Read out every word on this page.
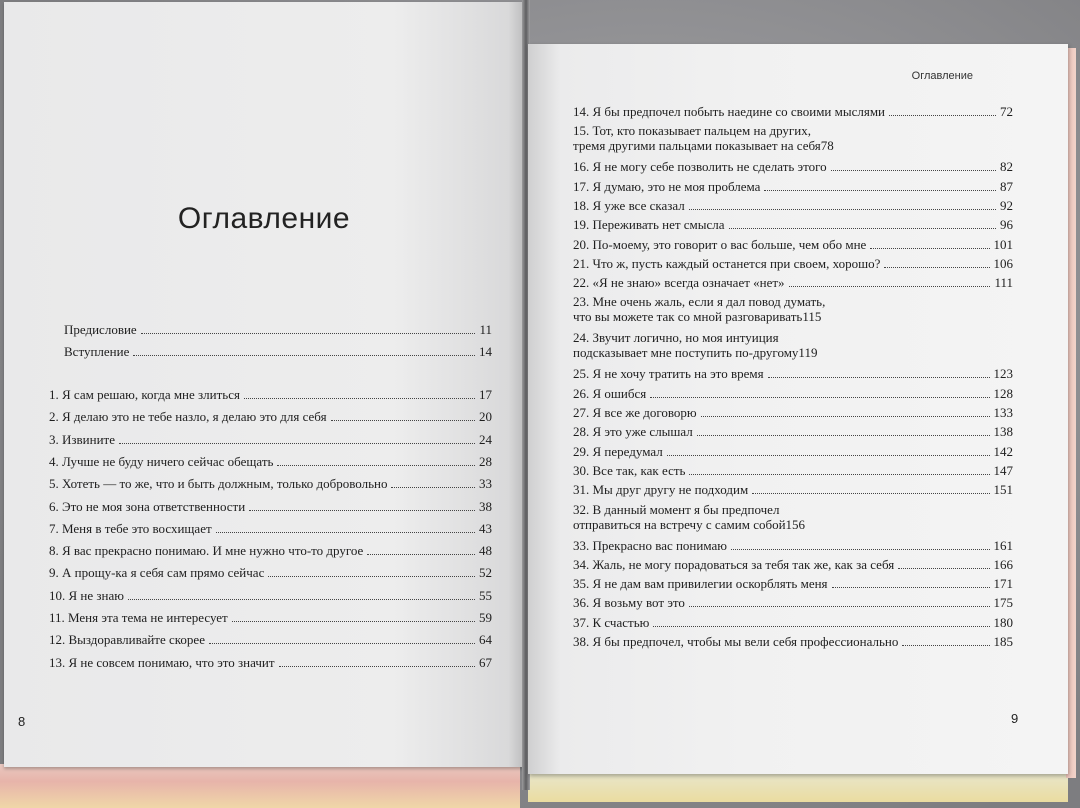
Оглавление
Предисловие	11
Вступление	14
1. Я сам решаю, когда мне злиться	17
2. Я делаю это не тебе назло, я делаю это для себя	20
3. Извините	24
4. Лучше не буду ничего сейчас обещать	28
5. Хотеть — то же, что и быть должным, только добровольно	33
6. Это не моя зона ответственности	38
7. Меня в тебе это восхищает	43
8. Я вас прекрасно понимаю. И мне нужно что-то другое	48
9. А прощу-ка я себя сам прямо сейчас	52
10. Я не знаю	55
11. Меня эта тема не интересует	59
12. Выздоравливайте скорее	64
13. Я не совсем понимаю, что это значит	67
8
Оглавление
14. Я бы предпочел побыть наедине со своими мыслями	72
15. Тот, кто показывает пальцем на других,
тремя другими пальцами показывает на себя 78
16. Я не могу себе позволить не сделать этого	82
17. Я думаю, это не моя проблема	87
18. Я уже все сказал	92
19. Переживать нет смысла	96
20. По-моему, это говорит о вас больше, чем обо мне	101
21. Что ж, пусть каждый останется при своем, хорошо?	106
22. «Я не знаю» всегда означает «нет»	111
23. Мне очень жаль, если я дал повод думать,
что вы можете так со мной разговаривать 115
24. Звучит логично, но моя интуиция
подсказывает мне поступить по-другому 119
25. Я не хочу тратить на это время	123
26. Я ошибся	128
27. Я все же договорю	133
28. Я это уже слышал	138
29. Я передумал	142
30. Все так, как есть	147
31. Мы друг другу не подходим	151
32. В данный момент я бы предпочел
отправиться на встречу с самим собой 156
33. Прекрасно вас понимаю	161
34. Жаль, не могу порадоваться за тебя так же, как за себя	166
35. Я не дам вам привилегии оскорблять меня	171
36. Я возьму вот это	175
37. К счастью	180
38. Я бы предпочел, чтобы мы вели себя профессионально	185
9
